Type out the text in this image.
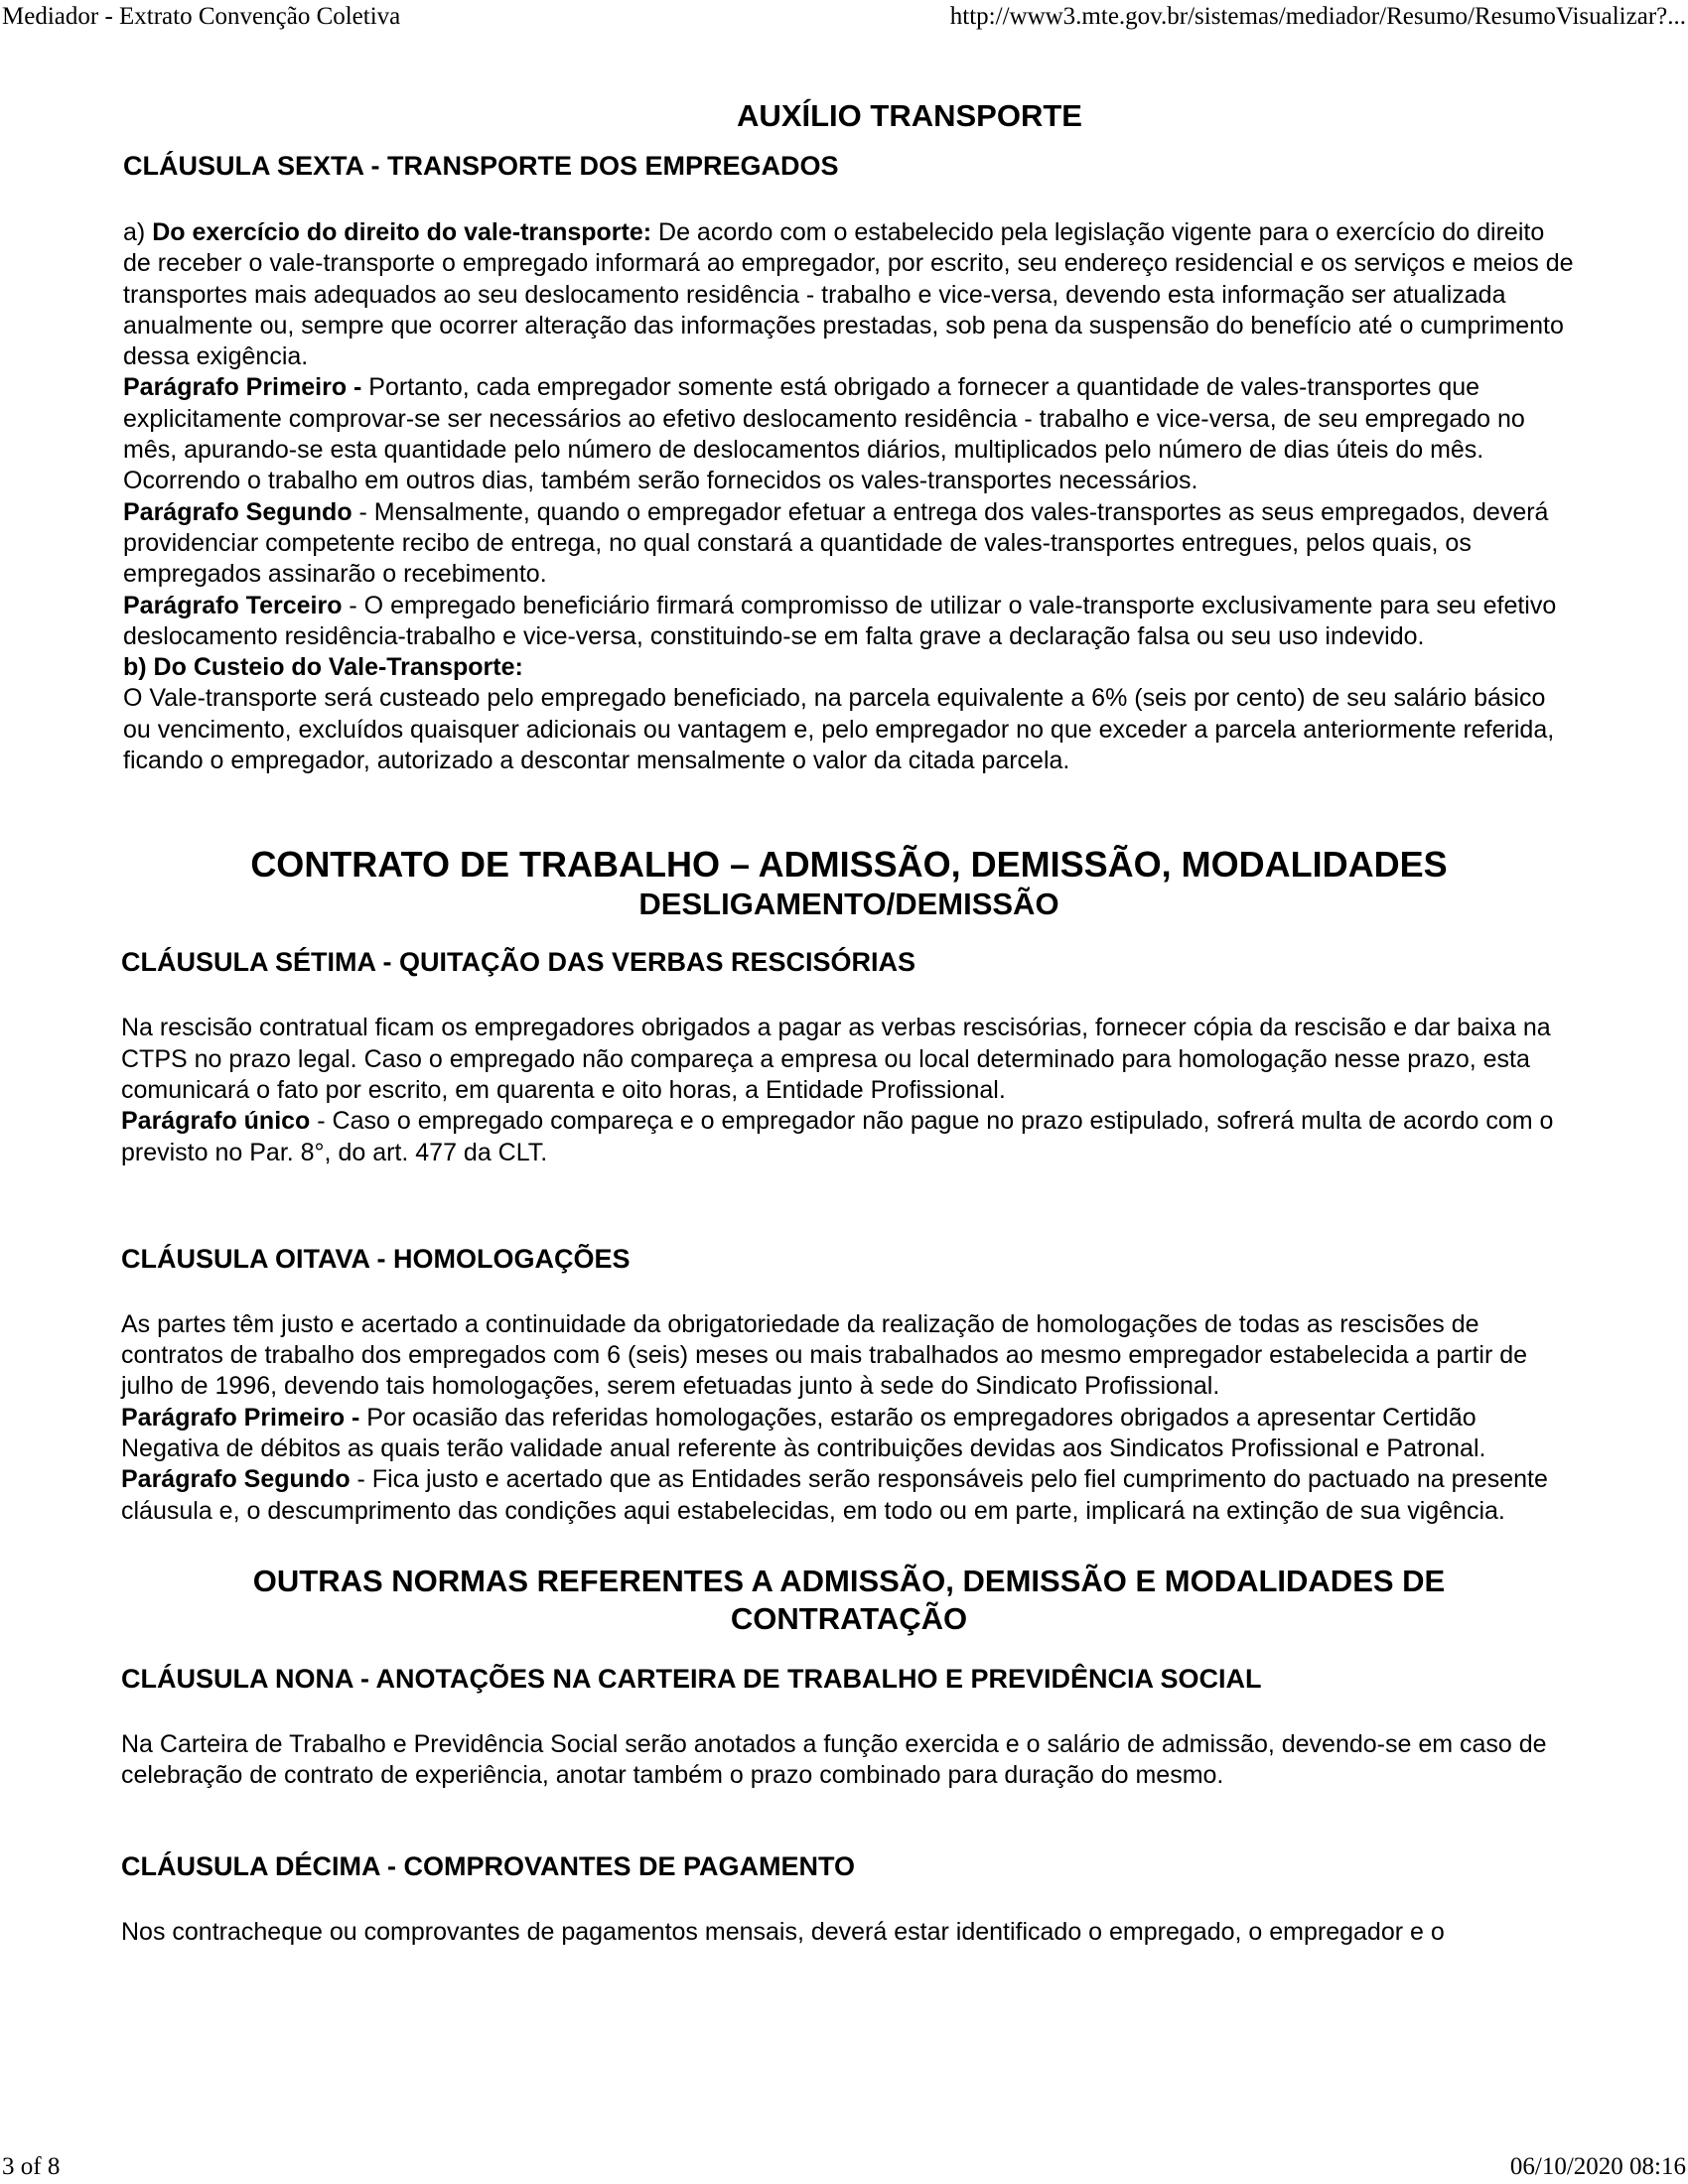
Mediador - Extrato Convenção Coletiva	http://www3.mte.gov.br/sistemas/mediador/Resumo/ResumoVisualizar?...
AUXÍLIO TRANSPORTE
CLÁUSULA SEXTA - TRANSPORTE DOS EMPREGADOS

a) Do exercício do direito do vale-transporte: De acordo com o estabelecido pela legislação vigente para o exercício do direito de receber o vale-transporte o empregado informará ao empregador, por escrito, seu endereço residencial e os serviços e meios de transportes mais adequados ao seu deslocamento residência - trabalho e vice-versa, devendo esta informação ser atualizada anualmente ou, sempre que ocorrer alteração das informações prestadas, sob pena da suspensão do benefício até o cumprimento dessa exigência.

Parágrafo Primeiro - Portanto, cada empregador somente está obrigado a fornecer a quantidade de vales-transportes que explicitamente comprovar-se ser necessários ao efetivo deslocamento residência - trabalho e vice-versa, de seu empregado no mês, apurando-se esta quantidade pelo número de deslocamentos diários, multiplicados pelo número de dias úteis do mês. Ocorrendo o trabalho em outros dias, também serão fornecidos os vales-transportes necessários.

Parágrafo Segundo - Mensalmente, quando o empregador efetuar a entrega dos vales-transportes as seus empregados, deverá providenciar competente recibo de entrega, no qual constará a quantidade de vales-transportes entregues, pelos quais, os empregados assinarão o recebimento.

Parágrafo Terceiro - O empregado beneficiário firmará compromisso de utilizar o vale-transporte exclusivamente para seu efetivo deslocamento residência-trabalho e vice-versa, constituindo-se em falta grave a declaração falsa ou seu uso indevido.

b) Do Custeio do Vale-Transporte:

O Vale-transporte será custeado pelo empregado beneficiado, na parcela equivalente a 6% (seis por cento) de seu salário básico ou vencimento, excluídos quaisquer adicionais ou vantagem e, pelo empregador no que exceder a parcela anteriormente referida, ficando o empregador, autorizado a descontar mensalmente o valor da citada parcela.

CONTRATO DE TRABALHO – ADMISSÃO, DEMISSÃO, MODALIDADES
DESLIGAMENTO/DEMISSÃO
CLÁUSULA SÉTIMA - QUITAÇÃO DAS VERBAS RESCISÓRIAS

Na rescisão contratual ficam os empregadores obrigados a pagar as verbas rescisórias, fornecer cópia da rescisão e dar baixa na CTPS no prazo legal. Caso o empregado não compareça a empresa ou local determinado para homologação nesse prazo, esta comunicará o fato por escrito, em quarenta e oito horas, a Entidade Profissional.

Parágrafo único - Caso o empregado compareça e o empregador não pague no prazo estipulado, sofrerá multa de acordo com o previsto no Par. 8°, do art. 477 da CLT.

CLÁUSULA OITAVA - HOMOLOGAÇÕES

As partes têm justo e acertado a continuidade da obrigatoriedade da realização de homologações de todas as rescisões de contratos de trabalho dos empregados com 6 (seis) meses ou mais trabalhados ao mesmo empregador estabelecida a partir de julho de 1996, devendo tais homologações, serem efetuadas junto à sede do Sindicato Profissional.

Parágrafo Primeiro - Por ocasião das referidas homologações, estarão os empregadores obrigados a apresentar Certidão Negativa de débitos as quais terão validade anual referente às contribuições devidas aos Sindicatos Profissional e Patronal.

Parágrafo Segundo - Fica justo e acertado que as Entidades serão responsáveis pelo fiel cumprimento do pactuado na presente cláusula e, o descumprimento das condições aqui estabelecidas, em todo ou em parte, implicará na extinção de sua vigência.

OUTRAS NORMAS REFERENTES A ADMISSÃO, DEMISSÃO E MODALIDADES DE CONTRATAÇÃO
CLÁUSULA NONA - ANOTAÇÕES NA CARTEIRA DE TRABALHO E PREVIDÊNCIA SOCIAL

Na Carteira de Trabalho e Previdência Social serão anotados a função exercida e o salário de admissão, devendo-se em caso de celebração de contrato de experiência, anotar também o prazo combinado para duração do mesmo.

CLÁUSULA DÉCIMA - COMPROVANTES DE PAGAMENTO

Nos contracheque ou comprovantes de pagamentos mensais, deverá estar identificado o empregado, o empregador e o

3 of 8	06/10/2020 08:16
